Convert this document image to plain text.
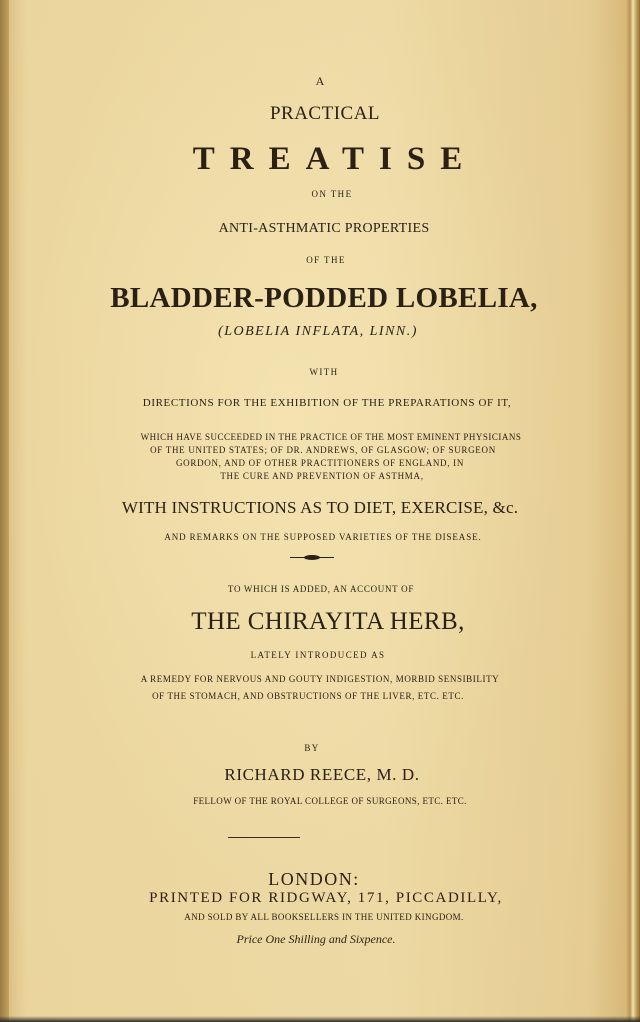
A
PRACTICAL
TREATISE
ON THE
ANTI-ASTHMATIC PROPERTIES
OF THE
BLADDER-PODDED LOBELIA,
(LOBELIA INFLATA, LINN.)
WITH
DIRECTIONS FOR THE EXHIBITION OF THE PREPARATIONS OF IT,
WHICH HAVE SUCCEEDED IN THE PRACTICE OF THE MOST EMINENT PHYSICIANS
OF THE UNITED STATES; OF DR. ANDREWS, OF GLASGOW; OF SURGEON
GORDON, AND OF OTHER PRACTITIONERS OF ENGLAND, IN
THE CURE AND PREVENTION OF ASTHMA,
WITH INSTRUCTIONS AS TO DIET, EXERCISE, &c.
AND REMARKS ON THE SUPPOSED VARIETIES OF THE DISEASE.
TO WHICH IS ADDED, AN ACCOUNT OF
THE CHIRAYITA HERB,
LATELY INTRODUCED AS
A REMEDY FOR NERVOUS AND GOUTY INDIGESTION, MORBID SENSIBILITY
OF THE STOMACH, AND OBSTRUCTIONS OF THE LIVER, ETC. ETC.
BY
RICHARD REECE, M. D.
FELLOW OF THE ROYAL COLLEGE OF SURGEONS, ETC. ETC.
LONDON:
PRINTED FOR RIDGWAY, 171, PICCADILLY,
AND SOLD BY ALL BOOKSELLERS IN THE UNITED KINGDOM.
Price One Shilling and Sixpence.
